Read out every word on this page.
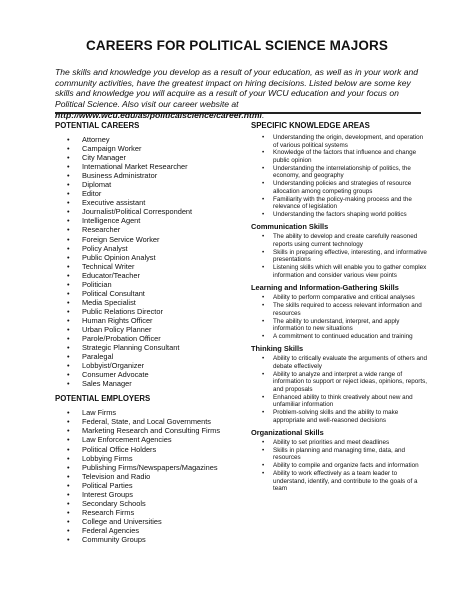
CAREERS FOR POLITICAL SCIENCE MAJORS
The skills and knowledge you develop as a result of your education, as well as in your work and community activities, have the greatest impact on hiring decisions. Listed below are some key skills and knowledge you will acquire as a result of your WCU education and your focus on Political Science. Also visit our career website at http://www.wcu.edu/as/politicalscience/career.html.
POTENTIAL CAREERS
• Attorney
• Campaign Worker
• City Manager
• International Market Researcher
• Business Administrator
• Diplomat
• Editor
• Executive assistant
• Journalist/Political Correspondent
• Intelligence Agent
• Researcher
• Foreign Service Worker
• Policy Analyst
• Public Opinion Analyst
• Technical Writer
• Educator/Teacher
• Politician
• Political Consultant
• Media Specialist
• Public Relations Director
• Human Rights Officer
• Urban Policy Planner
• Parole/Probation Officer
• Strategic Planning Consultant
• Paralegal
• Lobbyist/Organizer
• Consumer Advocate
• Sales Manager
POTENTIAL EMPLOYERS
• Law Firms
• Federal, State, and Local Governments
• Marketing Research and Consulting Firms
• Law Enforcement Agencies
• Political Office Holders
• Lobbying Firms
• Publishing Firms/Newspapers/Magazines
• Television and Radio
• Political Parties
• Interest Groups
• Secondary Schools
• Research Firms
• College and Universities
• Federal Agencies
• Community Groups
SPECIFIC KNOWLEDGE AREAS
• Understanding the origin, development, and operation of various political systems
• Knowledge of the factors that influence and change public opinion
• Understanding the interrelationship of politics, the economy, and geography
• Understanding policies and strategies of resource allocation among competing groups
• Familiarity with the policy-making process and the relevance of legislation
• Understanding the factors shaping world politics
Communication Skills
• The ability to develop and create carefully reasoned reports using current technology
• Skills in preparing effective, interesting, and informative presentations
• Listening skills which will enable you to gather complex information and consider various view points
Learning and Information-Gathering Skills
• Ability to perform comparative and critical analyses
• The skills required to access relevant information and resources
• The ability to understand, interpret, and apply information to new situations
• A commitment to continued education and training
Thinking Skills
• Ability to critically evaluate the arguments of others and debate effectively
• Ability to analyze and interpret a wide range of information to support or reject ideas, opinions, reports, and proposals
• Enhanced ability to think creatively about new and unfamiliar information
• Problem-solving skills and the ability to make appropriate and well-reasoned decisions
Organizational Skills
• Ability to set priorities and meet deadlines
• Skills in planning and managing time, data, and resources
• Ability to compile and organize facts and information
• Ability to work effectively as a team leader to understand, identify, and contribute to the goals of a team
